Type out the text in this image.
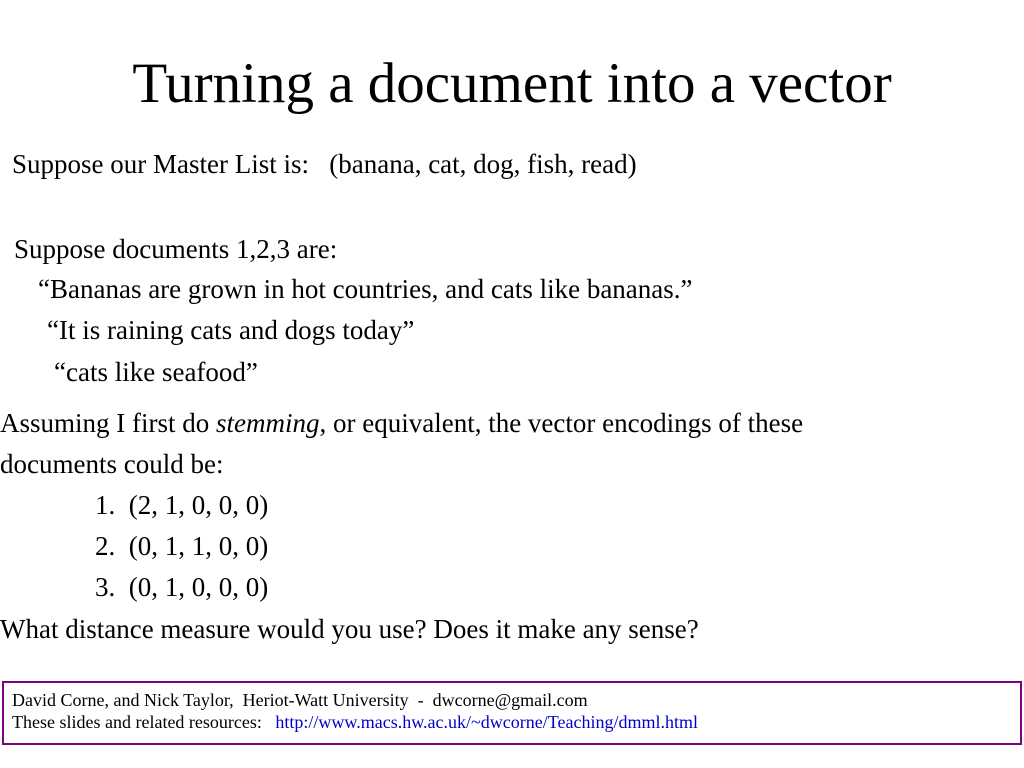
Turning a document into a vector
Suppose our Master List is: (banana, cat, dog, fish, read)
Suppose documents 1,2,3 are:
“Bananas are grown in hot countries, and cats like bananas.”
“It is raining cats and dogs today”
“cats like seafood”
Assuming I first do stemming, or equivalent, the vector encodings of these
documents could be:
1. (2, 1, 0, 0, 0)
2. (0, 1, 1, 0, 0)
3. (0, 1, 0, 0, 0)
What distance measure would you use? Does it make any sense?
David Corne, and Nick Taylor,  Heriot-Watt University  -  dwcorne@gmail.com
These slides and related resources: http://www.macs.hw.ac.uk/~dwcorne/Teaching/dmml.html
